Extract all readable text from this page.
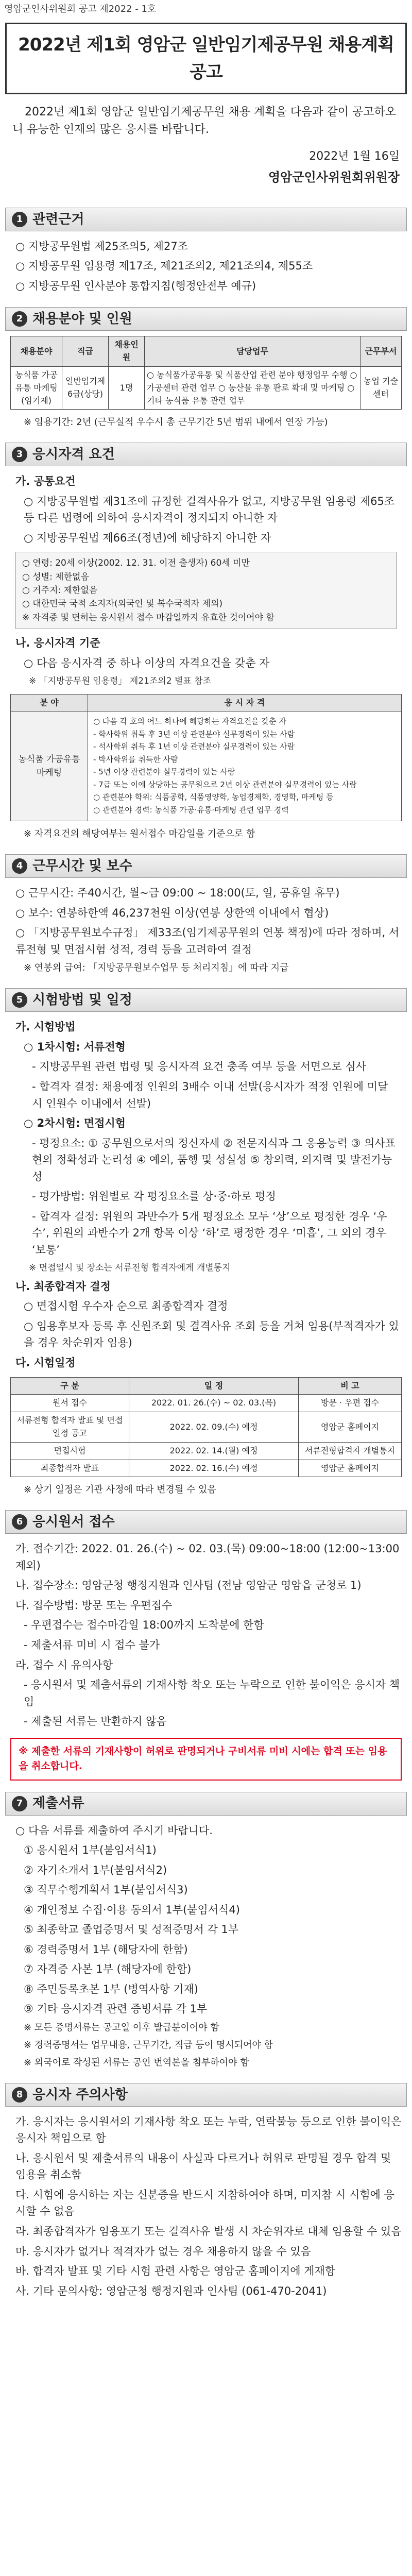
영암군인사위원회 공고 제2022 - 1호
2022년 제1회 영암군 일반임기제공무원 채용계획 공고

2022년 제1회 영암군 일반임기제공무원 채용 계획을 다음과 같이 공고하오니 유능한 인재의 많은 응시를 바랍니다.

2022년 1월 16일
영암군인사위원회위원장
1 관련근거
○ 지방공무원법 제25조의5, 제27조
○ 지방공무원 임용령 제17조, 제21조의2, 제21조의4, 제55조
○ 지방공무원 인사분야 통합지침(행정안전부 예규)
2 채용분야 및 인원
채용분야	직급	채용인원	담당업무	근무부서
농식품 가공유통 마케팅 (임기제)	일반임기제 6급(상당)	1명	○ 농식품가공유통 및 식품산업 관련 분야 행정업무 수행 ○ 가공센터 관련 업무 ○ 농산물 유통 판로 확대 및 마케팅 ○ 기타 농식품 유통 관련 업무	농업 기술센터
※ 임용기간: 2년 (근무실적 우수시 총 근무기간 5년 범위 내에서 연장 가능)
3 응시자격 요건
가. 공통요건
○ 지방공무원법 제31조에 규정한 결격사유가 없고, 지방공무원 임용령 제65조 등 다른 법령에 의하여 응시자격이 정지되지 아니한 자
○ 지방공무원법 제66조(정년)에 해당하지 아니한 자
○ 연령: 20세 이상(2002. 12. 31. 이전 출생자) 60세 미만
○ 성별: 제한없음
○ 거주지: 제한없음
○ 대한민국 국적 소지자(외국인 및 복수국적자 제외)
※ 자격증 및 면허는 응시원서 접수 마감일까지 유효한 것이어야 함
나. 응시자격 기준
○ 다음 응시자격 중 하나 이상의 자격요건을 갖춘 자
※ 「지방공무원 임용령」 제21조의2 별표 참조
분 야	응 시 자 격
농식품 가공유통 마케팅
○ 다음 각 호의 어느 하나에 해당하는 자격요건을 갖춘 자
- 학사학위 취득 후 3년 이상 관련분야 실무경력이 있는 사람
- 석사학위 취득 후 1년 이상 관련분야 실무경력이 있는 사람
- 박사학위를 취득한 사람
- 5년 이상 관련분야 실무경력이 있는 사람
- 7급 또는 이에 상당하는 공무원으로 2년 이상 관련분야 실무경력이 있는 사람
○ 관련분야 학위: 식품공학, 식품영양학, 농업경제학, 경영학, 마케팅 등
○ 관련분야 경력: 농식품 가공·유통·마케팅 관련 업무 경력
※ 자격요건의 해당여부는 원서접수 마감일을 기준으로 함
4 근무시간 및 보수
○ 근무시간: 주40시간, 월~금 09:00 ~ 18:00(토, 일, 공휴일 휴무)
○ 보수: 연봉하한액 46,237천원 이상(연봉 상한액 이내에서 협상)
○ 「지방공무원보수규정」 제33조(임기제공무원의 연봉 책정)에 따라 정하며, 서류전형 및 면접시험 성적, 경력 등을 고려하여 결정
※ 연봉외 급여: 「지방공무원보수업무 등 처리지침」에 따라 지급
5 시험방법 및 일정
가. 시험방법
○ 1차시험: 서류전형
- 지방공무원 관련 법령 및 응시자격 요건 충족 여부 등을 서면으로 심사
- 합격자 결정: 채용예정 인원의 3배수 이내 선발(응시자가 적정 인원에 미달 시 인원수 이내에서 선발)
○ 2차시험: 면접시험
- 평정요소: ① 공무원으로서의 정신자세 ② 전문지식과 그 응용능력 ③ 의사표현의 정확성과 논리성 ④ 예의, 품행 및 성실성 ⑤ 창의력, 의지력 및 발전가능성
- 평가방법: 위원별로 각 평정요소를 상·중·하로 평정
- 합격자 결정: 위원의 과반수가 5개 평정요소 모두 ‘상’으로 평정한 경우 ‘우수’, 위원의 과반수가 2개 항목 이상 ‘하’로 평정한 경우 ‘미흡’, 그 외의 경우 ‘보통’
※ 면접일시 및 장소는 서류전형 합격자에게 개별통지
나. 최종합격자 결정
○ 면접시험 우수자 순으로 최종합격자 결정
○ 임용후보자 등록 후 신원조회 및 결격사유 조회 등을 거쳐 임용(부적격자가 있을 경우 차순위자 임용)
다. 시험일정
구 분	일 정	비 고
원서 접수	2022. 01. 26.(수) ~ 02. 03.(목)	방문 · 우편 접수
서류전형 합격자 발표 및 면접 일정 공고	2022. 02. 09.(수) 예정	영암군 홈페이지
면접시험	2022. 02. 14.(월) 예정	서류전형합격자 개별통지
최종합격자 발표	2022. 02. 16.(수) 예정	영암군 홈페이지
※ 상기 일정은 기관 사정에 따라 변경될 수 있음
6 응시원서 접수
가. 접수기간: 2022. 01. 26.(수) ~ 02. 03.(목) 09:00~18:00 (12:00~13:00 제외)
나. 접수장소: 영암군청 행정지원과 인사팀 (전남 영암군 영암읍 군청로 1)
다. 접수방법: 방문 또는 우편접수
- 우편접수는 접수마감일 18:00까지 도착분에 한함
- 제출서류 미비 시 접수 불가
라. 접수 시 유의사항
- 응시원서 및 제출서류의 기재사항 착오 또는 누락으로 인한 불이익은 응시자 책임
- 제출된 서류는 반환하지 않음
※ 제출한 서류의 기재사항이 허위로 판명되거나 구비서류 미비 시에는 합격 또는 임용을 취소합니다.
7 제출서류
○ 다음 서류를 제출하여 주시기 바랍니다.
① 응시원서 1부(붙임서식1)
② 자기소개서 1부(붙임서식2)
③ 직무수행계획서 1부(붙임서식3)
④ 개인정보 수집·이용 동의서 1부(붙임서식4)
⑤ 최종학교 졸업증명서 및 성적증명서 각 1부
⑥ 경력증명서 1부 (해당자에 한함)
⑦ 자격증 사본 1부 (해당자에 한함)
⑧ 주민등록초본 1부 (병역사항 기재)
⑨ 기타 응시자격 관련 증빙서류 각 1부
※ 모든 증명서류는 공고일 이후 발급분이어야 함
※ 경력증명서는 업무내용, 근무기간, 직급 등이 명시되어야 함
※ 외국어로 작성된 서류는 공인 번역본을 첨부하여야 함
8 응시자 주의사항
가. 응시자는 응시원서의 기재사항 착오 또는 누락, 연락불능 등으로 인한 불이익은 응시자 책임으로 함
나. 응시원서 및 제출서류의 내용이 사실과 다르거나 허위로 판명될 경우 합격 및 임용을 취소함
다. 시험에 응시하는 자는 신분증을 반드시 지참하여야 하며, 미지참 시 시험에 응시할 수 없음
라. 최종합격자가 임용포기 또는 결격사유 발생 시 차순위자로 대체 임용할 수 있음
마. 응시자가 없거나 적격자가 없는 경우 채용하지 않을 수 있음
바. 합격자 발표 및 기타 시험 관련 사항은 영암군 홈페이지에 게재함
사. 기타 문의사항: 영암군청 행정지원과 인사팀 (061-470-2041)
